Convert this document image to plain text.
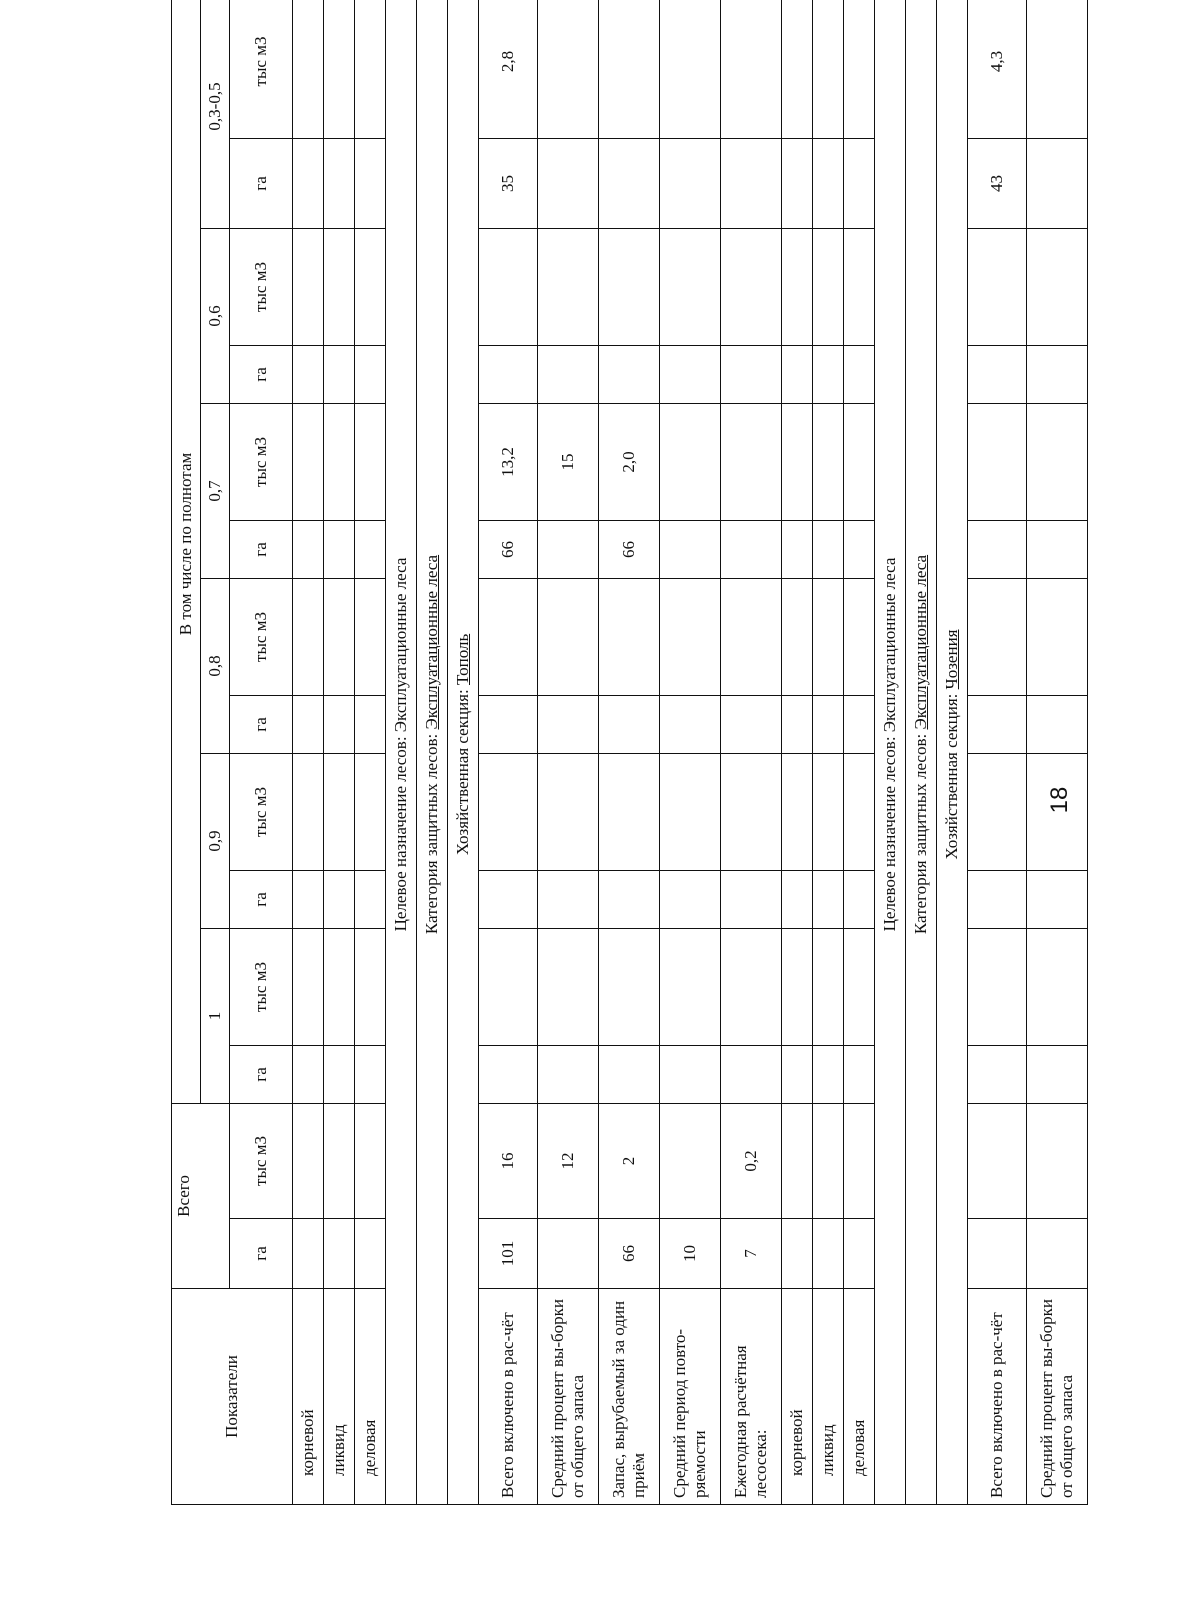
Показатели	Всего		В том числе по полнотам											
			1		0,9		0,8		0,7		0,6		0,3-0,5	
	га	тыс м3	га	тыс м3	га	тыс м3	га	тыс м3	га	тыс м3	га	тыс м3	га	тыс м3
корневой														
ликвид														
деловая														
Целевое назначение лесов: Эксплуатационные леса														
Категория защитных лесов: Эксплуатационные леса														
Хозяйственная секция: Тополь														
Всего включено в рас-чёт	101	16							66	13,2			35	2,8
Средний процент вы-борки от общего запаса		12								15				
Запас, вырубаемый за один приём	66	2							66	2,0				
Средний период повто-ряемости	10													
Ежегодная расчётная лесосека:	7	0,2												
корневой														
ликвид														
деловая														
Целевое назначение лесов: Эксплуатационные леса														
Категория защитных лесов: Эксплуатационные леса														
Хозяйственная секция: Чозения														
Всего включено в рас-чёт													43	4,3
Средний процент вы-борки от общего запаса														
18
